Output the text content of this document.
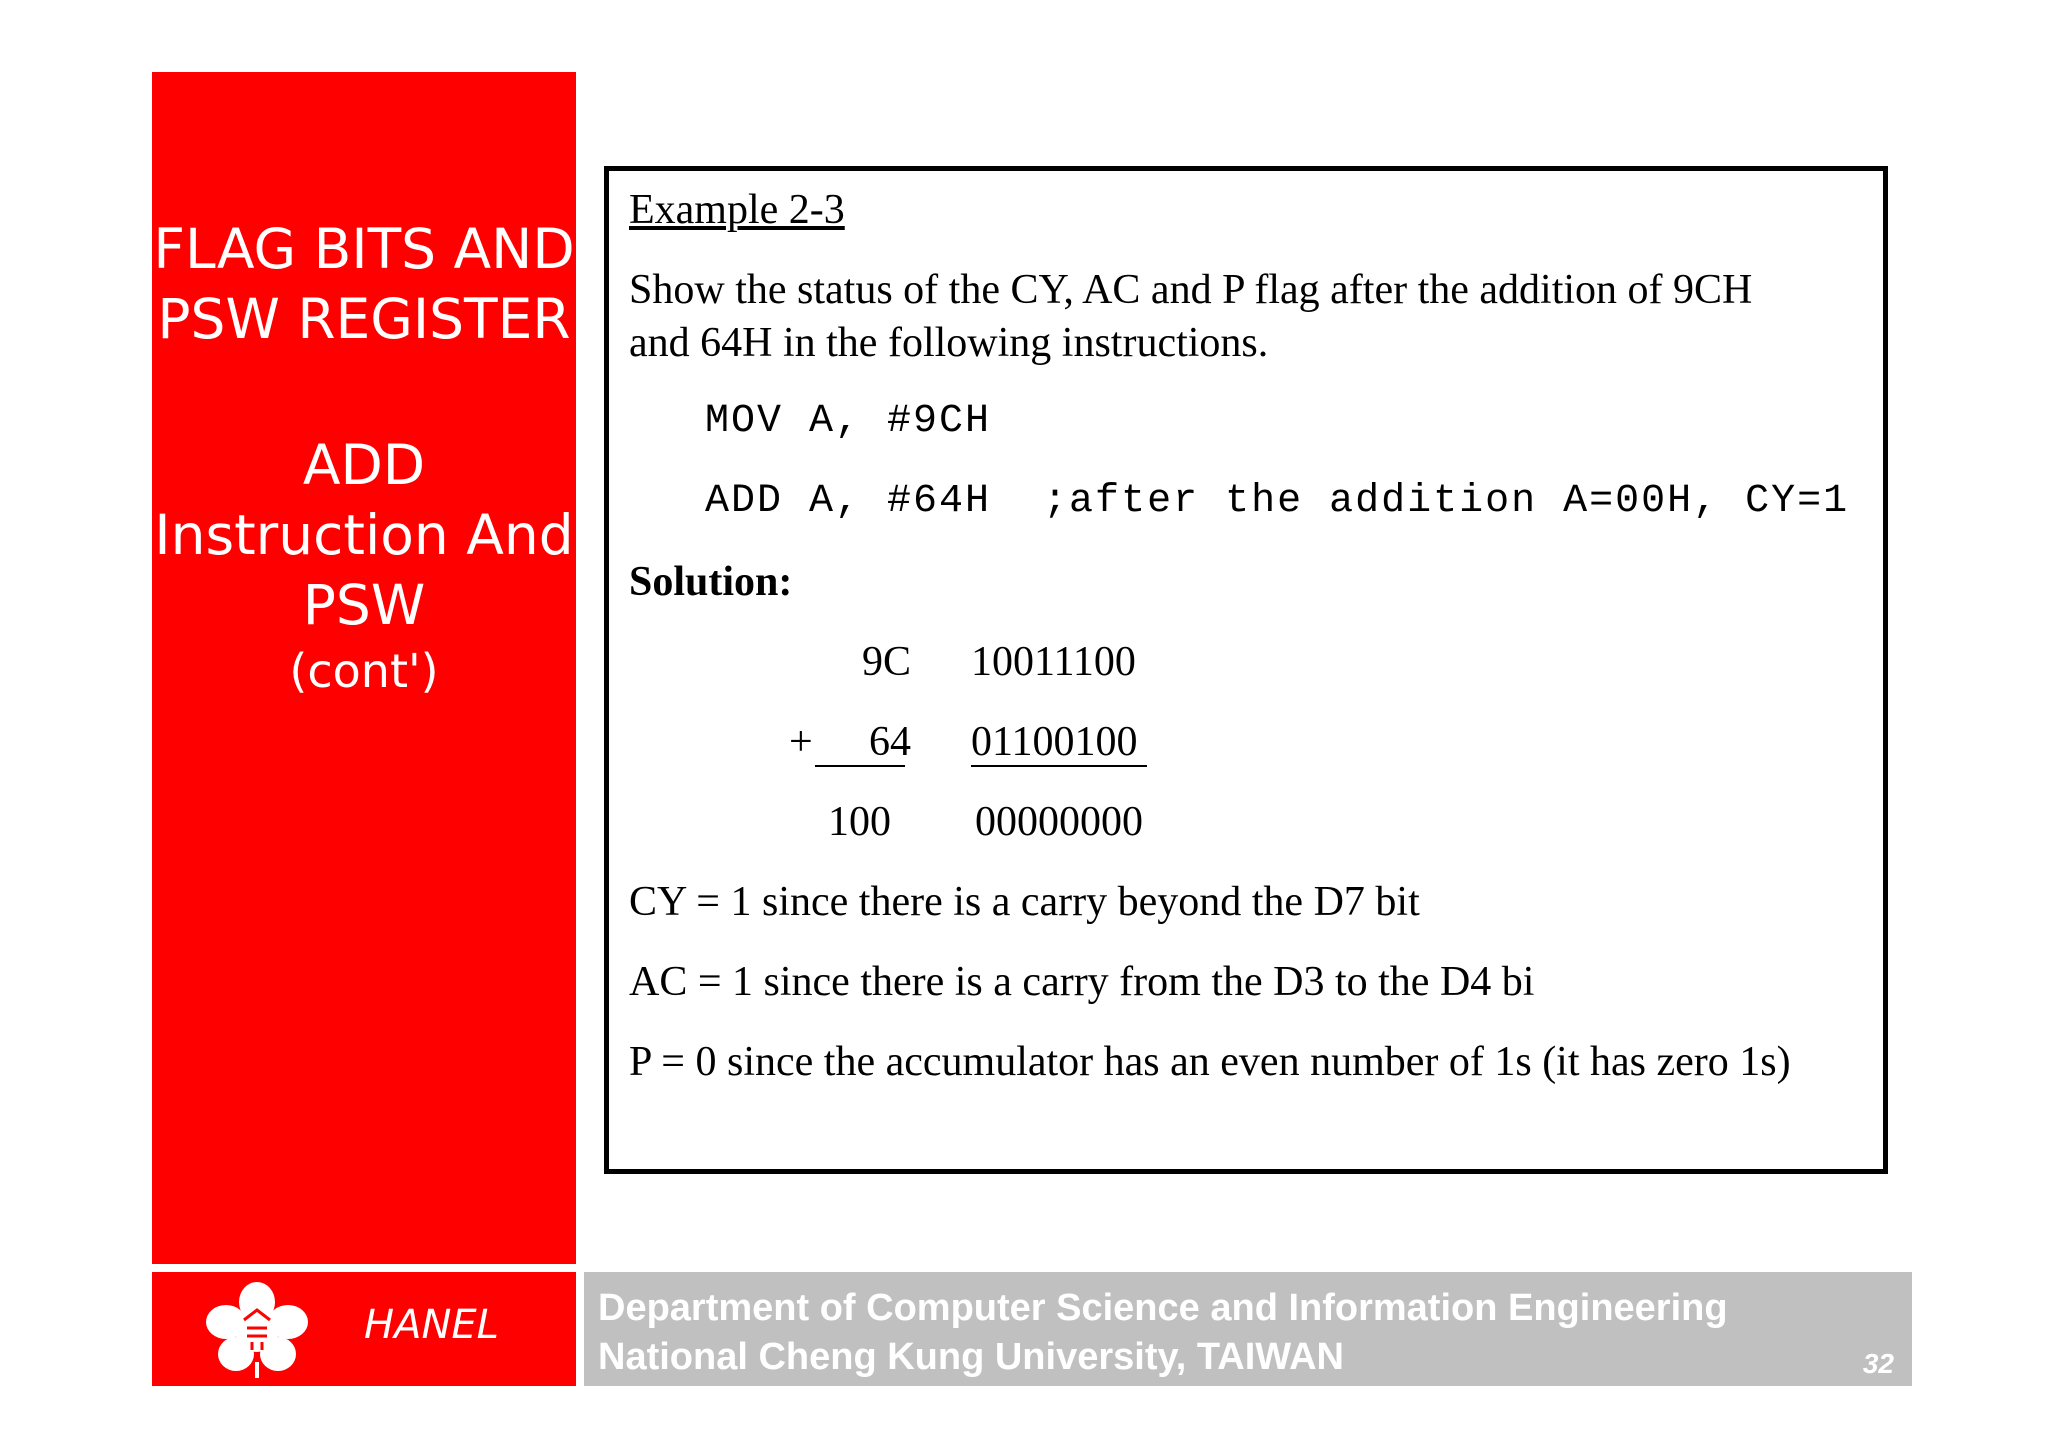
FLAG BITS AND
PSW REGISTER
ADD
Instruction And
PSW
(cont')
HANEL	Department of Computer Science and Information Engineering
National Cheng Kung University, TAIWAN	32
Example 2-3
Show the status of the CY, AC and P flag after the addition of 9CH
and 64H in the following instructions.
MOV A, #9CH
ADD A, #64H  ;after the addition A=00H, CY=1
Solution:
9C 10011100
+	64 01100100
100 00000000
CY = 1 since there is a carry beyond the D7 bit
AC = 1 since there is a carry from the D3 to the D4 bi
P = 0 since the accumulator has an even number of 1s (it has zero 1s)
